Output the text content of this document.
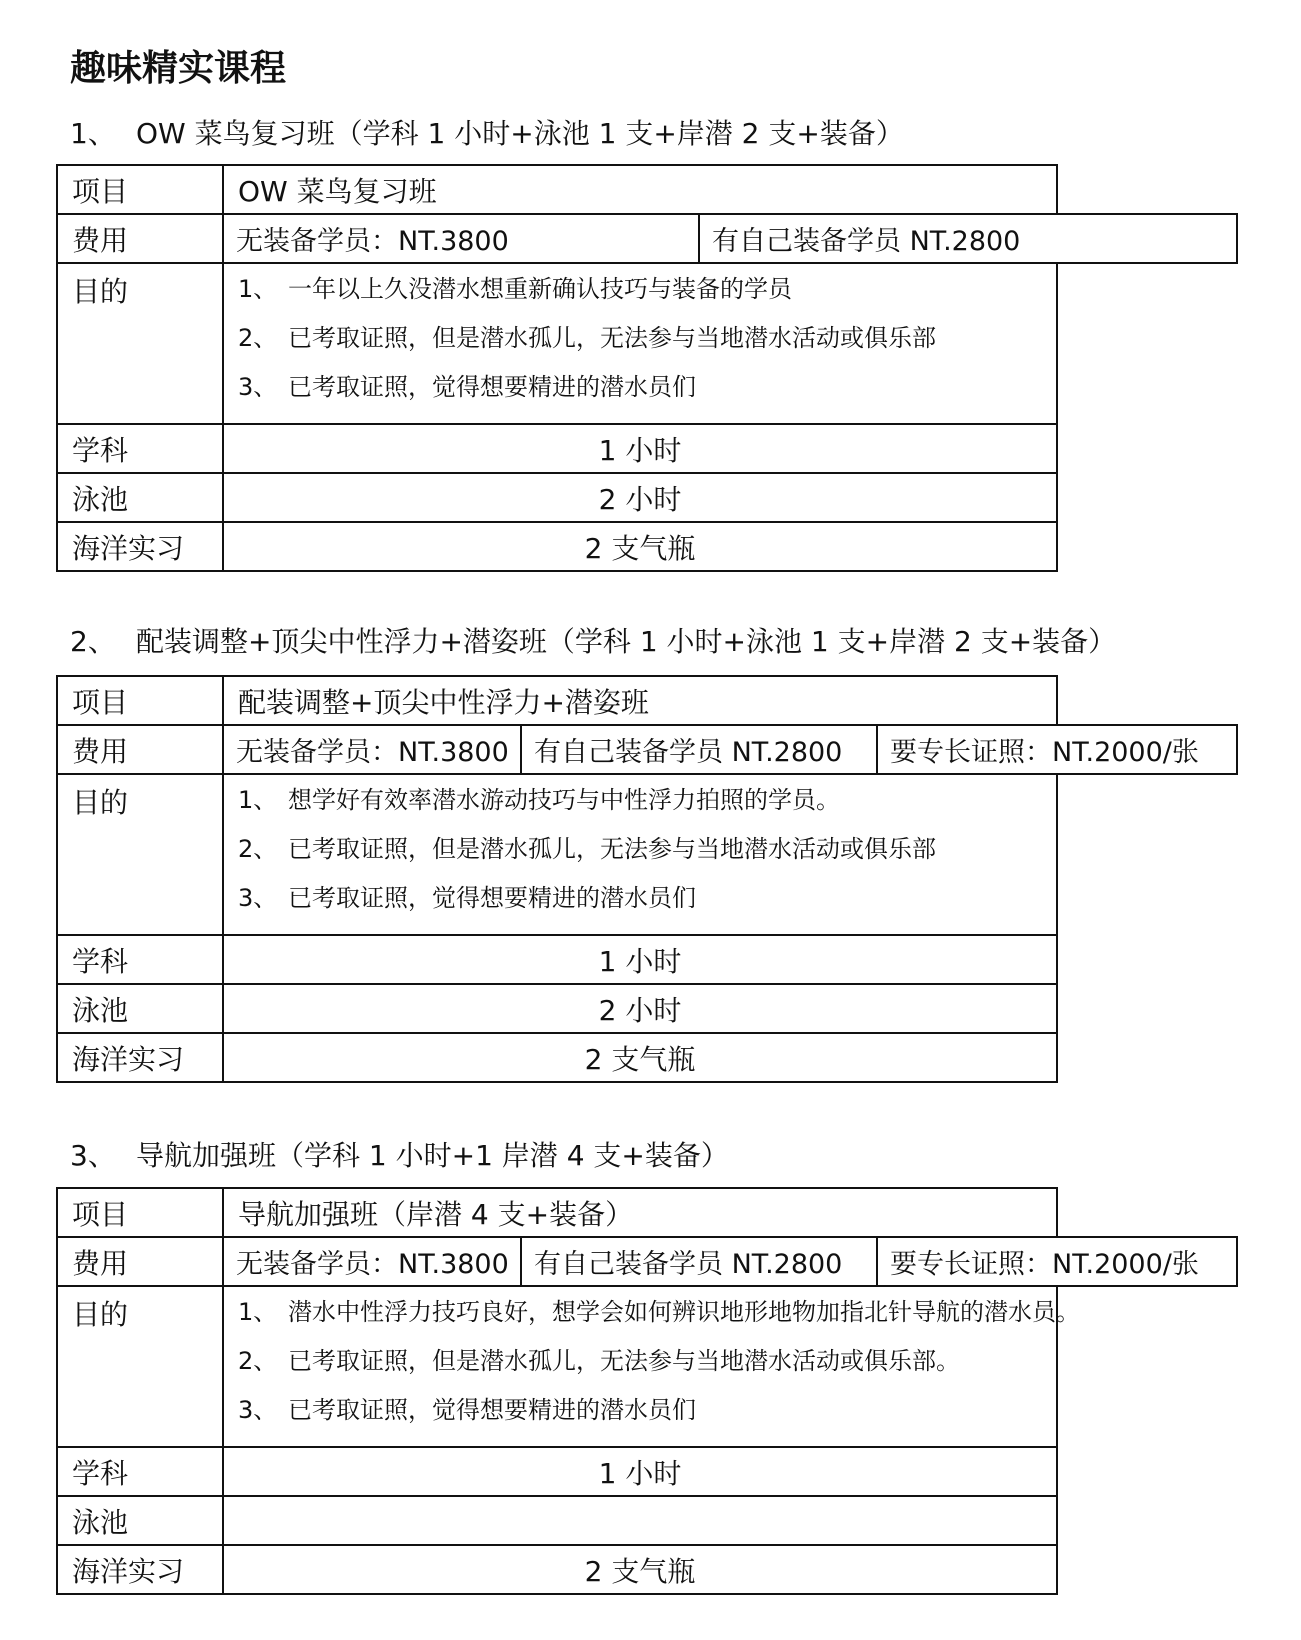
趣味精实课程
1、 OW 菜鸟复习班（学科 1 小时+泳池 1 支+岸潜 2 支+装备）
项目	OW 菜鸟复习班	
费用	无装备学员：NT.3800	有自己装备学员 NT.2800
目的	1、 一年以上久没潜水想重新确认技巧与装备的学员
2、 已考取证照，但是潜水孤儿，无法参与当地潜水活动或俱乐部
3、 已考取证照，觉得想要精进的潜水员们	

学科	1 小时	
泳池	2 小时	
海洋实习	2 支气瓶	
2、 配装调整+顶尖中性浮力+潜姿班（学科 1 小时+泳池 1 支+岸潜 2 支+装备）
项目	配装调整+顶尖中性浮力+潜姿班		
费用	无装备学员：NT.3800	有自己装备学员 NT.2800	要专长证照：NT.2000/张
目的	1、 想学好有效率潜水游动技巧与中性浮力拍照的学员。
2、 已考取证照，但是潜水孤儿，无法参与当地潜水活动或俱乐部
3、 已考取证照，觉得想要精进的潜水员们		

学科	1 小时		
泳池	2 小时		
海洋实习	2 支气瓶		
3、 导航加强班（学科 1 小时+1 岸潜 4 支+装备）
项目	导航加强班（岸潜 4 支+装备）		
费用	无装备学员：NT.3800	有自己装备学员 NT.2800	要专长证照：NT.2000/张
目的	1、 潜水中性浮力技巧良好，想学会如何辨识地形地物加指北针导航的潜水员。
2、 已考取证照，但是潜水孤儿，无法参与当地潜水活动或俱乐部。
3、 已考取证照，觉得想要精进的潜水员们		

学科	1 小时		
泳池			
海洋实习	2 支气瓶		
